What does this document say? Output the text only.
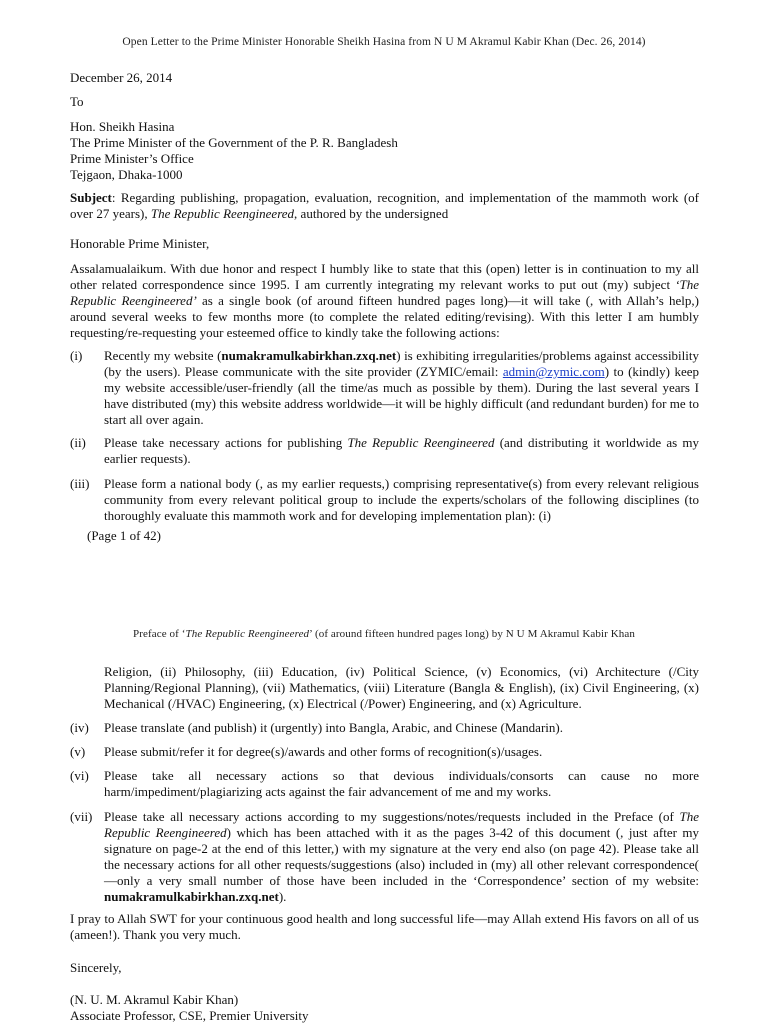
Open Letter to the Prime Minister Honorable Sheikh Hasina from N U M Akramul Kabir Khan (Dec. 26, 2014)

December 26, 2014

To

Hon. Sheikh Hasina
The Prime Minister of the Government of the P. R. Bangladesh
Prime Minister’s Office
Tejgaon, Dhaka-1000

Subject: Regarding publishing, propagation, evaluation, recognition, and implementation of the mammoth work (of over 27 years), The Republic Reengineered, authored by the undersigned

Honorable Prime Minister,

Assalamualaikum. With due honor and respect I humbly like to state that this (open) letter is in continuation to my all other related correspondence since 1995. I am currently integrating my relevant works to put out (my) subject ‘The Republic Reengineered’ as a single book (of around fifteen hundred pages long)—it will take (, with Allah’s help,) around several weeks to few months more (to complete the related editing/revising). With this letter I am humbly requesting/re-requesting your esteemed office to kindly take the following actions:

(i) Recently my website (numakramulkabirkhan.zxq.net) is exhibiting irregularities/problems against accessibility (by the users). Please communicate with the site provider (ZYMIC/email: admin@zymic.com) to (kindly) keep my website accessible/user-friendly (all the time/as much as possible by them). During the last several years I have distributed (my) this website address worldwide—it will be highly difficult (and redundant burden) for me to start all over again.
(ii) Please take necessary actions for publishing The Republic Reengineered (and distributing it worldwide as my earlier requests).
(iii) Please form a national body (, as my earlier requests,) comprising representative(s) from every relevant religious community from every relevant political group to include the experts/scholars of the following disciplines (to thoroughly evaluate this mammoth work and for developing implementation plan): (i)
(Page 1 of 42)
Preface of ‘The Republic Reengineered’ (of around fifteen hundred pages long) by N U M Akramul Kabir Khan

Religion, (ii) Philosophy, (iii) Education, (iv) Political Science, (v) Economics, (vi) Architecture (/City Planning/Regional Planning), (vii) Mathematics, (viii) Literature (Bangla & English), (ix) Civil Engineering, (x) Mechanical (/HVAC) Engineering, (x) Electrical (/Power) Engineering, and (x) Agriculture.

(iv) Please translate (and publish) it (urgently) into Bangla, Arabic, and Chinese (Mandarin).
(v) Please submit/refer it for degree(s)/awards and other forms of recognition(s)/usages.
(vi) Please take all necessary actions so that devious individuals/consorts can cause no more harm/impediment/plagiarizing acts against the fair advancement of me and my works.
(vii) Please take all necessary actions according to my suggestions/notes/requests included in the Preface (of The Republic Reengineered) which has been attached with it as the pages 3-42 of this document (, just after my signature on page-2 at the end of this letter,) with my signature at the very end also (on page 42). Please take all the necessary actions for all other requests/suggestions (also) included in (my) all other relevant correspondence( —only a very small number of those have been included in the ‘Correspondence’ section of my website: numakramulkabirkhan.zxq.net).

I pray to Allah SWT for your continuous good health and long successful life—may Allah extend His favors on all of us (ameen!). Thank you very much.

Sincerely,

(N. U. M. Akramul Kabir Khan)
Associate Professor, CSE, Premier University
